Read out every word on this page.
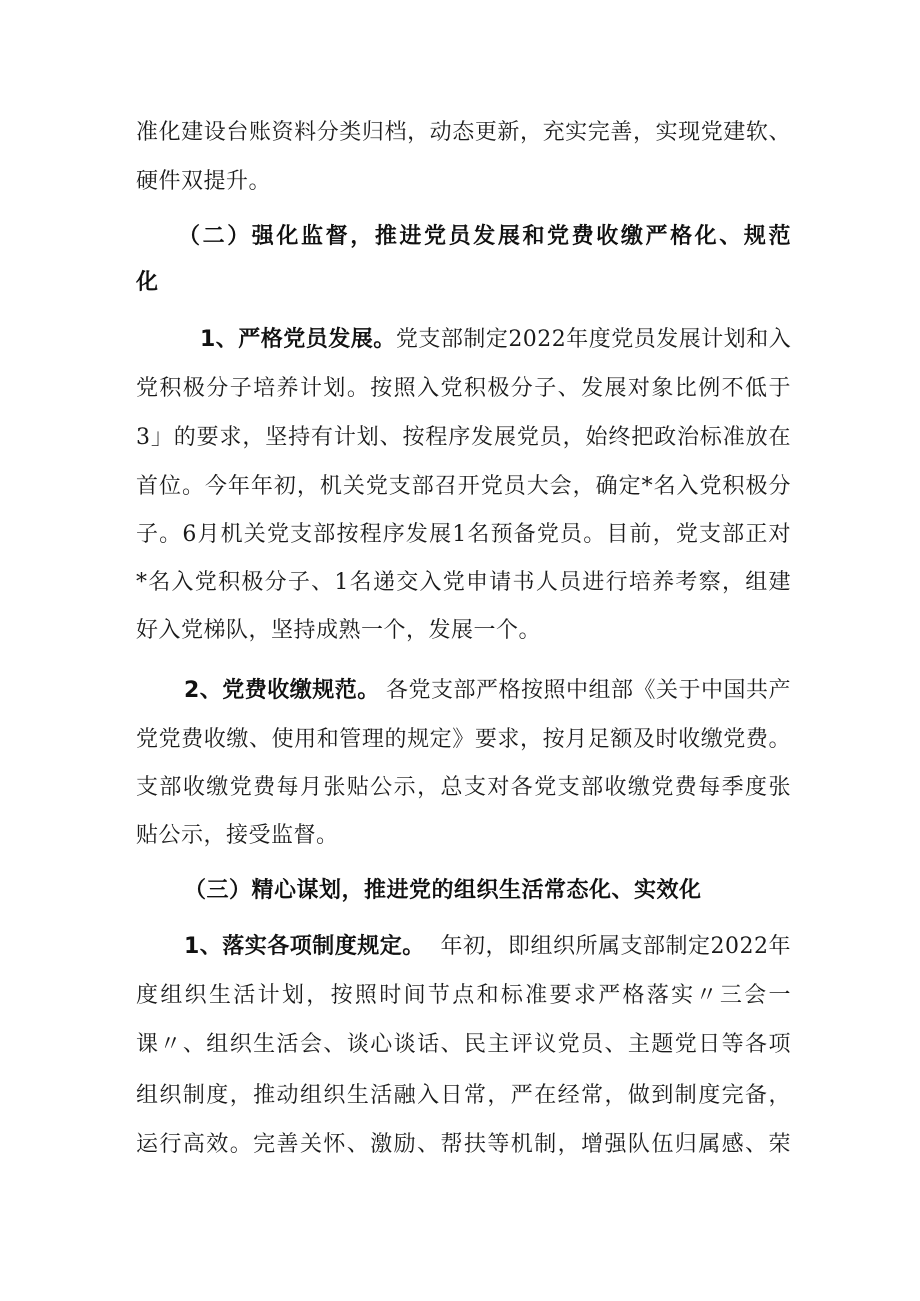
准化建设台账资料分类归档，动态更新，充实完善，实现党建软、
硬件双提升。
（二）强化监督，推进党员发展和党费收缴严格化、规范
化
1、严格党员发展。 党支部制定2022年度党员发展计划和入
党积极分子培养计划。按照入党积极分子、发展对象比例不低于
3」的要求，坚持有计划、按程序发展党员，始终把政治标准放在
首位。今年年初，机关党支部召开党员大会，确定*名入党积极分
子。6月机关党支部按程序发展1名预备党员。目前，党支部正对
*名入党积极分子、1名递交入党申请书人员进行培养考察，组建
好入党梯队，坚持成熟一个，发展一个。
2、党费收缴规范。 各党支部严格按照中组部《关于中国共产
党党费收缴、使用和管理的规定》要求，按月足额及时收缴党费。
支部收缴党费每月张贴公示，总支对各党支部收缴党费每季度张
贴公示，接受监督。
（三）精心谋划，推进党的组织生活常态化、实效化
1、落实各项制度规定。 年初，即组织所属支部制定2022年
度组织生活计划，按照时间节点和标准要求严格落实〃三会一
课〃、组织生活会、谈心谈话、民主评议党员、主题党日等各项
组织制度，推动组织生活融入日常，严在经常，做到制度完备，
运行高效。完善关怀、激励、帮扶等机制，增强队伍归属感、荣
